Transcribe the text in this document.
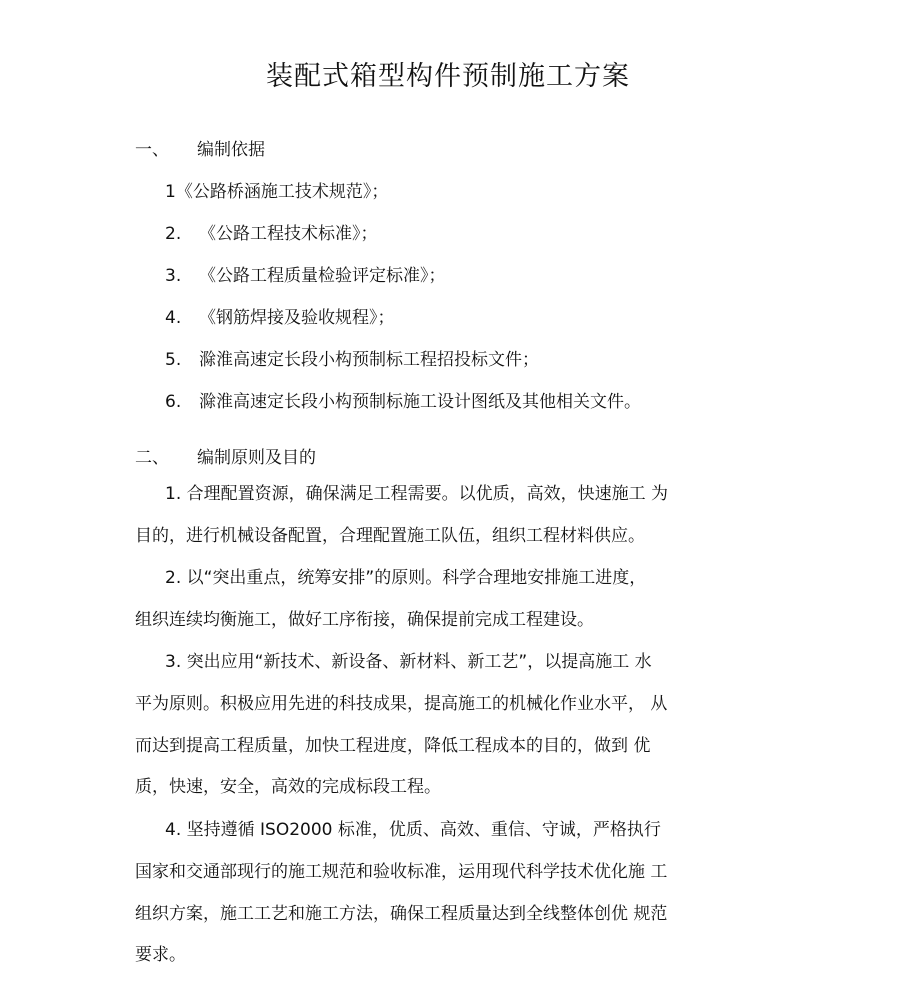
装配式箱型构件预制施工方案
一、 编制依据
1《公路桥涵施工技术规范》；
2. 《公路工程技术标准》；
3. 《公路工程质量检验评定标准》；
4. 《钢筋焊接及验收规程》；
5. 滁淮高速定长段小构预制标工程招投标文件；
6. 滁淮高速定长段小构预制标施工设计图纸及其他相关文件。
二、 编制原则及目的

1. 合理配置资源，确保满足工程需要。以优质，高效，快速施工 为
目的，进行机械设备配置，合理配置施工队伍，组织工程材料供应。

2. 以“突出重点，统筹安排”的原则。科学合理地安排施工进度，
组织连续均衡施工，做好工序衔接，确保提前完成工程建设。

3. 突出应用“新技术、新设备、新材料、新工艺”，以提高施工 水
平为原则。积极应用先进的科技成果，提高施工的机械化作业水平， 从
而达到提高工程质量，加快工程进度，降低工程成本的目的，做到 优
质，快速，安全，高效的完成标段工程。

4. 坚持遵循 ISO2000 标准，优质、高效、重信、守诚，严格执行
国家和交通部现行的施工规范和验收标准，运用现代科学技术优化施 工
组织方案，施工工艺和施工方法，确保工程质量达到全线整体创优 规范
要求。
